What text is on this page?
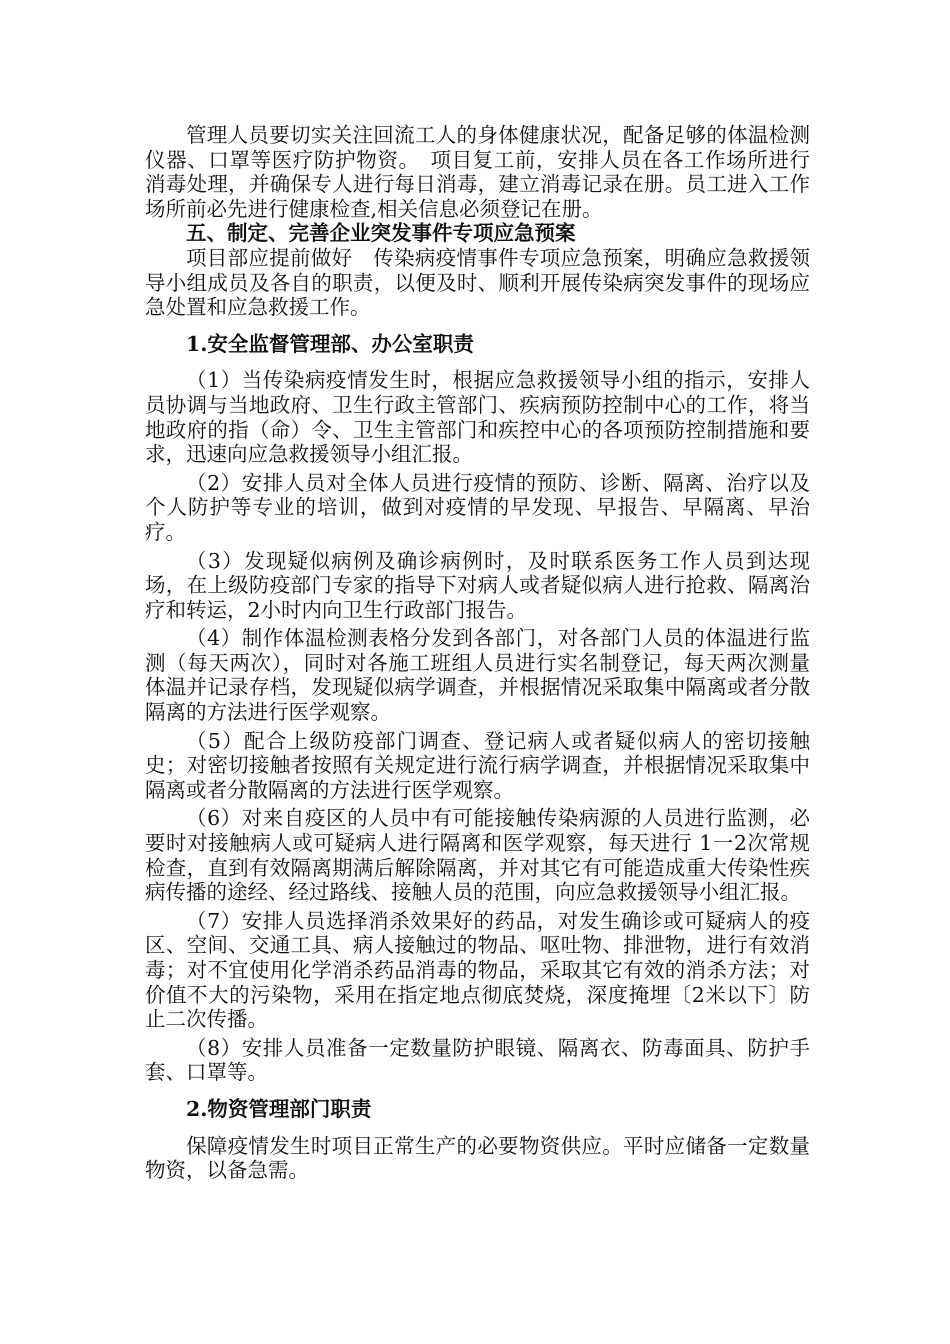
管理人员要切实关注回流工人的身体健康状况，配备足够的体温检测仪器、口罩等医疗防护物资。　项目复工前，安排人员在各工作场所进行消毒处理，并确保专人进行每日消毒，建立消毒记录在册。员工进入工作场所前必先进行健康检查,相关信息必须登记在册。

五、制定、完善企业突发事件专项应急预案

项目部应提前做好　传染病疫情事件专项应急预案，明确应急救援领导小组成员及各自的职责，以便及时、顺利开展传染病突发事件的现场应急处置和应急救援工作。

1.安全监督管理部、办公室职责

（1）当传染病疫情发生时，根据应急救援领导小组的指示，安排人员协调与当地政府、卫生行政主管部门、疾病预防控制中心的工作，将当地政府的指（命）令、卫生主管部门和疾控中心的各项预防控制措施和要求，迅速向应急救援领导小组汇报。

（2）安排人员对全体人员进行疫情的预防、诊断、隔离、治疗以及个人防护等专业的培训，做到对疫情的早发现、早报告、早隔离、早治疗。

（3）发现疑似病例及确诊病例时，及时联系医务工作人员到达现场，在上级防疫部门专家的指导下对病人或者疑似病人进行抢救、隔离治疗和转运，2小时内向卫生行政部门报告。

（4）制作体温检测表格分发到各部门，对各部门人员的体温进行监测（每天两次），同时对各施工班组人员进行实名制登记，每天两次测量体温并记录存档，发现疑似病学调查，并根据情况采取集中隔离或者分散隔离的方法进行医学观察。

（5）配合上级防疫部门调查、登记病人或者疑似病人的密切接触史；对密切接触者按照有关规定进行流行病学调查，并根据情况采取集中隔离或者分散隔离的方法进行医学观察。

（6）对来自疫区的人员中有可能接触传染病源的人员进行监测，必要时对接触病人或可疑病人进行隔离和医学观察，每天进行 1一2次常规检查，直到有效隔离期满后解除隔离，并对其它有可能造成重大传染性疾病传播的途经、经过路线、接触人员的范围，向应急救援领导小组汇报。

（7）安排人员选择消杀效果好的药品，对发生确诊或可疑病人的疫区、空间、交通工具、病人接触过的物品、呕吐物、排泄物，进行有效消毒；对不宜使用化学消杀药品消毒的物品，采取其它有效的消杀方法；对价值不大的污染物，采用在指定地点彻底焚烧，深度掩埋〔2米以下〕防止二次传播。

（8）安排人员准备一定数量防护眼镜、隔离衣、防毒面具、防护手套、口罩等。

2.物资管理部门职责

保障疫情发生时项目正常生产的必要物资供应。平时应储备一定数量物资，以备急需。
